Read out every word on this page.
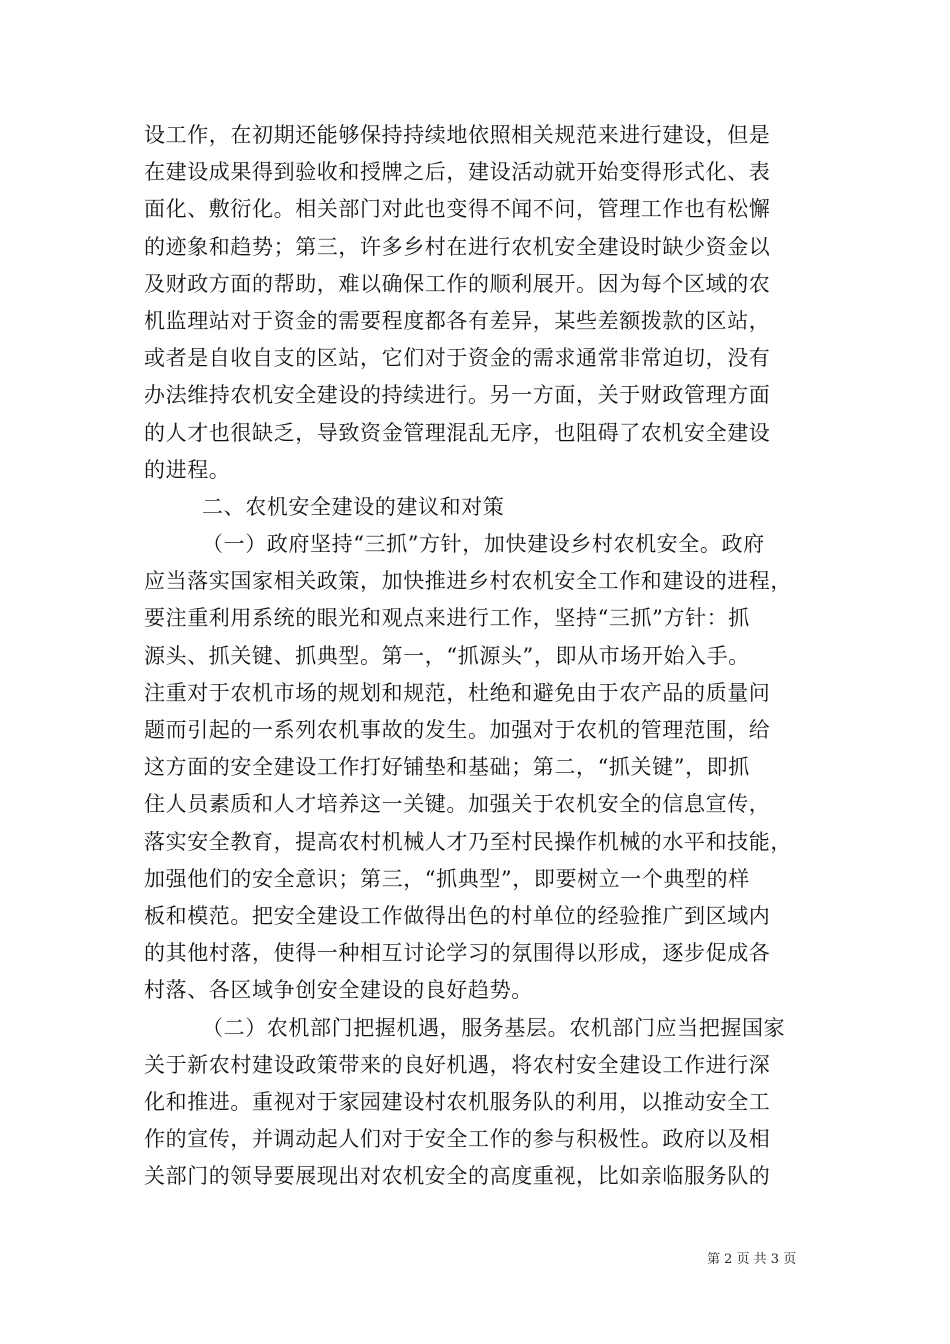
设工作，在初期还能够保持持续地依照相关规范来进行建设，但是
在建设成果得到验收和授牌之后，建设活动就开始变得形式化、表
面化、敷衍化。相关部门对此也变得不闻不问，管理工作也有松懈
的迹象和趋势；第三，许多乡村在进行农机安全建设时缺少资金以
及财政方面的帮助，难以确保工作的顺利展开。因为每个区域的农
机监理站对于资金的需要程度都各有差异，某些差额拨款的区站，
或者是自收自支的区站，它们对于资金的需求通常非常迫切，没有
办法维持农机安全建设的持续进行。另一方面，关于财政管理方面
的人才也很缺乏，导致资金管理混乱无序，也阻碍了农机安全建设
的进程。
二、农机安全建设的建议和对策
（一）政府坚持“三抓”方针，加快建设乡村农机安全。政府
应当落实国家相关政策，加快推进乡村农机安全工作和建设的进程，
要注重利用系统的眼光和观点来进行工作，坚持“三抓”方针：抓
源头、抓关键、抓典型。第一，“抓源头”，即从市场开始入手。
注重对于农机市场的规划和规范，杜绝和避免由于农产品的质量问
题而引起的一系列农机事故的发生。加强对于农机的管理范围，给
这方面的安全建设工作打好铺垫和基础；第二，“抓关键”，即抓
住人员素质和人才培养这一关键。加强关于农机安全的信息宣传，
落实安全教育，提高农村机械人才乃至村民操作机械的水平和技能，
加强他们的安全意识；第三，“抓典型”，即要树立一个典型的样
板和模范。把安全建设工作做得出色的村单位的经验推广到区域内
的其他村落，使得一种相互讨论学习的氛围得以形成，逐步促成各
村落、各区域争创安全建设的良好趋势。
（二）农机部门把握机遇，服务基层。农机部门应当把握国家
关于新农村建设政策带来的良好机遇，将农村安全建设工作进行深
化和推进。重视对于家园建设村农机服务队的利用，以推动安全工
作的宣传，并调动起人们对于安全工作的参与积极性。政府以及相
关部门的领导要展现出对农机安全的高度重视，比如亲临服务队的
第 2 页 共 3 页
